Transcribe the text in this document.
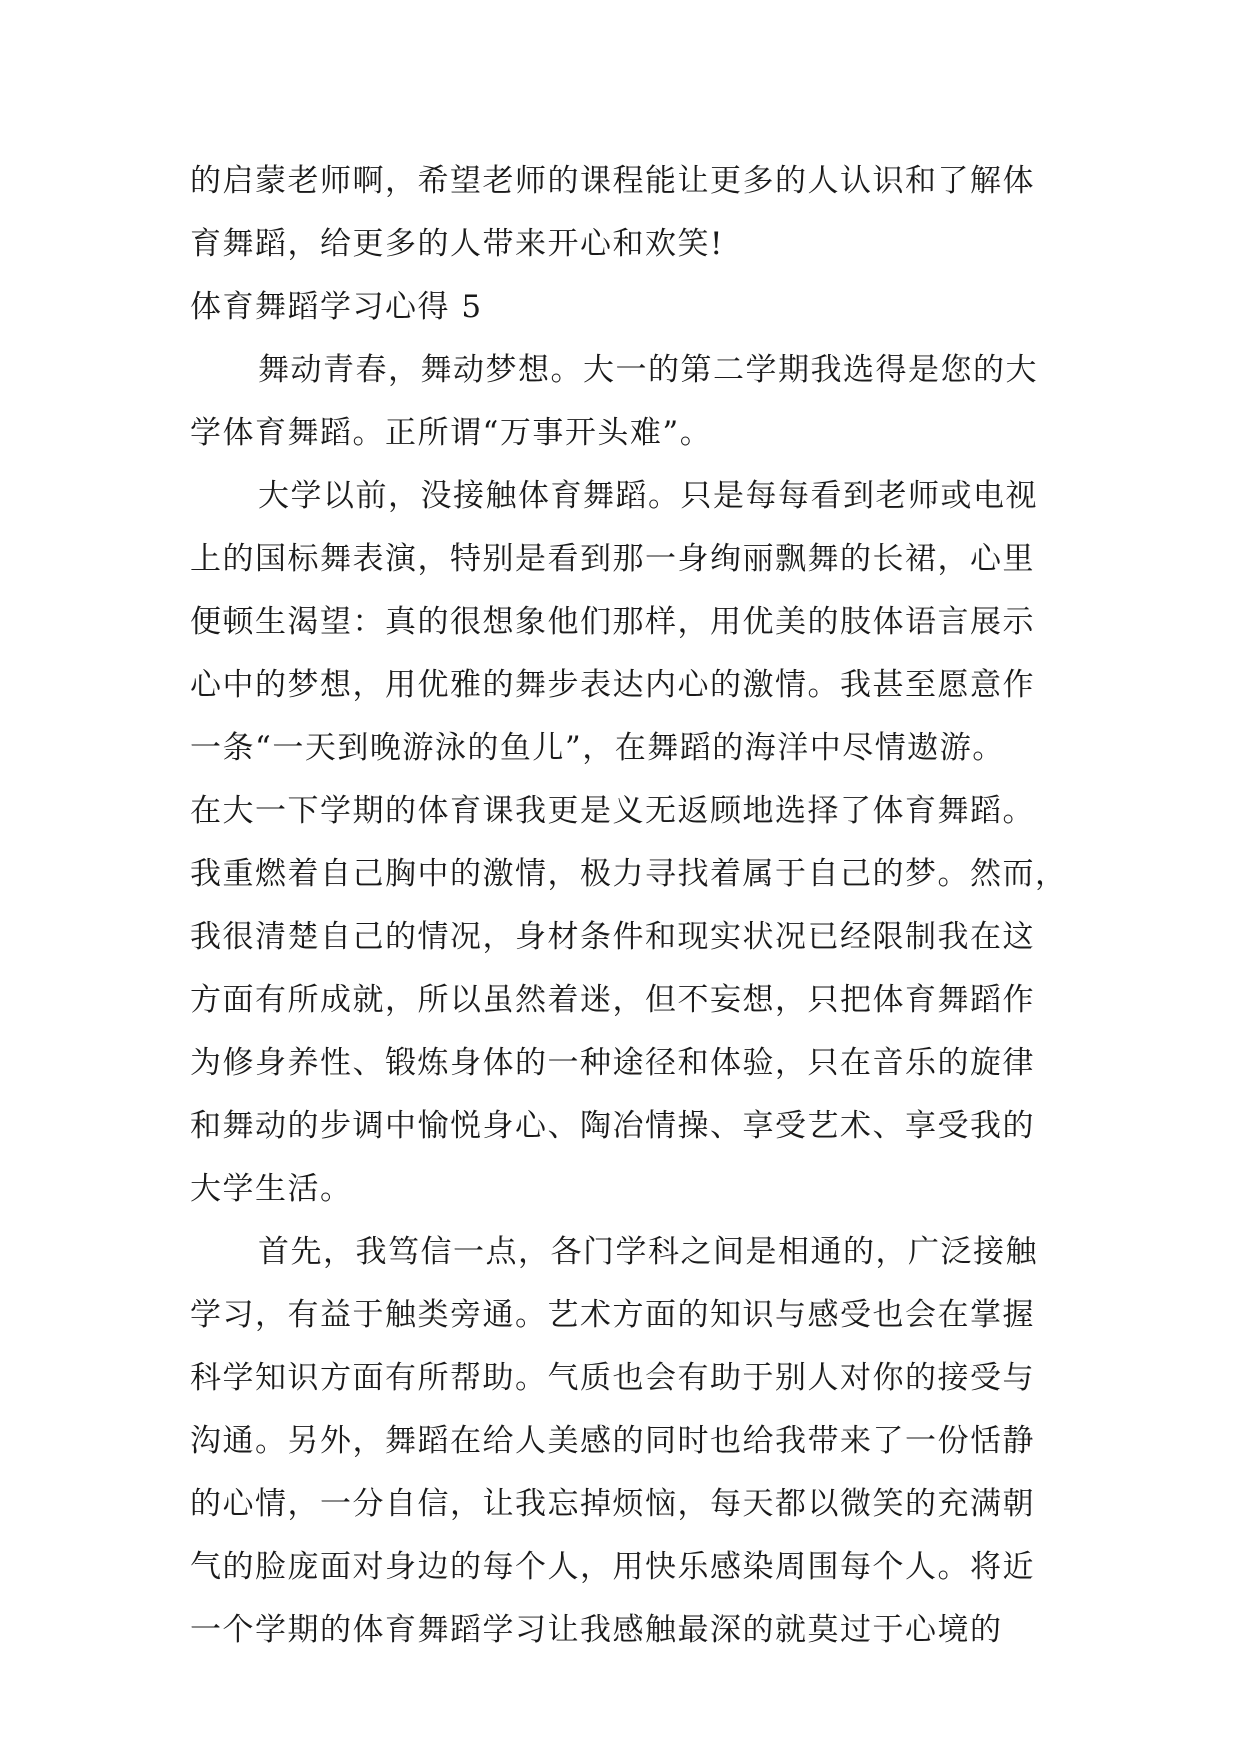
的启蒙老师啊，希望老师的课程能让更多的人认识和了解体
育舞蹈，给更多的人带来开心和欢笑!
体育舞蹈学习心得 5
舞动青春，舞动梦想。大一的第二学期我选得是您的大
学体育舞蹈。正所谓“万事开头难”。
大学以前，没接触体育舞蹈。只是每每看到老师或电视
上的国标舞表演，特别是看到那一身绚丽飘舞的长裙，心里
便顿生渴望：真的很想象他们那样，用优美的肢体语言展示
心中的梦想，用优雅的舞步表达内心的激情。我甚至愿意作
一条“一天到晚游泳的鱼儿”，在舞蹈的海洋中尽情遨游。
在大一下学期的体育课我更是义无返顾地选择了体育舞蹈。
我重燃着自己胸中的激情，极力寻找着属于自己的梦。然而，
我很清楚自己的情况，身材条件和现实状况已经限制我在这
方面有所成就，所以虽然着迷，但不妄想，只把体育舞蹈作
为修身养性、锻炼身体的一种途径和体验，只在音乐的旋律
和舞动的步调中愉悦身心、陶冶情操、享受艺术、享受我的
大学生活。
首先，我笃信一点，各门学科之间是相通的，广泛接触
学习，有益于触类旁通。艺术方面的知识与感受也会在掌握
科学知识方面有所帮助。气质也会有助于别人对你的接受与
沟通。另外，舞蹈在给人美感的同时也给我带来了一份恬静
的心情，一分自信，让我忘掉烦恼，每天都以微笑的充满朝
气的脸庞面对身边的每个人，用快乐感染周围每个人。将近
一个学期的体育舞蹈学习让我感触最深的就莫过于心境的
